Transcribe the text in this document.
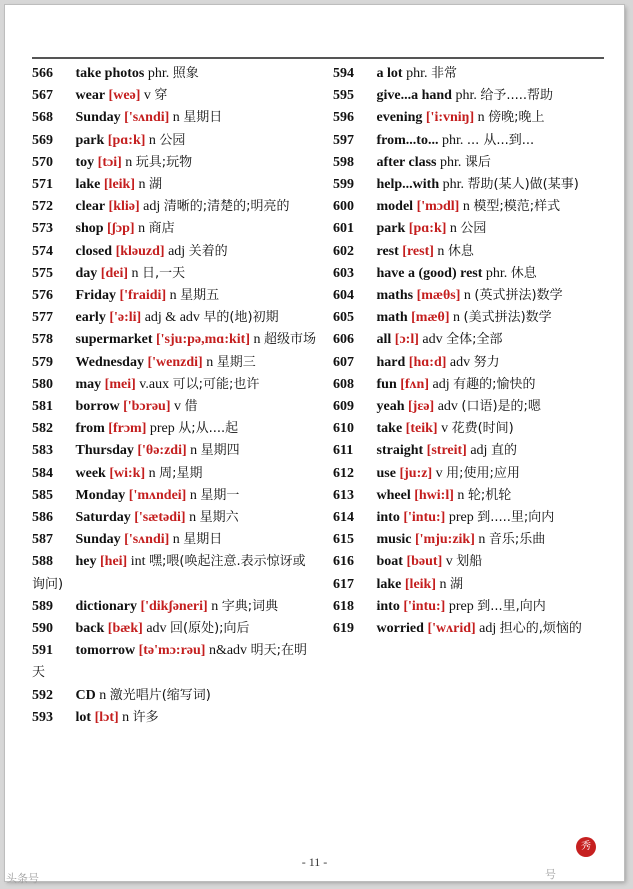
566 take photos phr. 照象
567 wear [weə] v 穿
568 Sunday ['sʌndi] n 星期日
569 park [pɑ:k] n 公园
570 toy [tɔi] n 玩具;玩物
571 lake [leik] n 湖
572 clear [kliə] adj 清晰的;清楚的;明亮的
573 shop [ʃɔp] n 商店
574 closed [kləuzd] adj 关着的
575 day [dei] n 日,一天
576 Friday ['fraidi] n 星期五
577 early ['ə:li] adj & adv 早的(地)初期
578 supermarket ['sju:pə,mɑ:kit] n 超级市场
579 Wednesday ['wenzdi] n 星期三
580 may [mei] v.aux 可以;可能;也许
581 borrow ['bɔrəu] v 借
582 from [frɔm] prep 从;从....起
583 Thursday ['θə:zdi] n 星期四
584 week [wi:k] n 周;星期
585 Monday ['mʌndei] n 星期一
586 Saturday ['sætədi] n 星期六
587 Sunday ['sʌndi] n 星期日
588 hey [hei] int 嘿;喂(唤起注意.表示惊讶或询问)
589 dictionary ['dikʃəneri] n 字典;词典
590 back [bæk] adv 回(原处);向后
591 tomorrow [tə'mɔ:rəu] n&adv 明天;在明天
592 CD n 激光唱片(缩写词)
593 lot [lɔt] n 许多
594 a lot phr. 非常
595 give...a hand phr. 给予.....帮助
596 evening ['i:vniŋ] n 傍晚;晚上
597 from...to... phr. ... 从...到...
598 after class phr. 课后
599 help...with phr. 帮助(某人)做(某事)
600 model ['mɔdl] n 模型;模范;样式
601 park [pɑ:k] n 公园
602 rest [rest] n 休息
603 have a (good) rest phr. 休息
604 maths [mæθs] n (英式拼法)数学
605 math [mæθ] n (美式拼法)数学
606 all [ɔ:l] adv 全体;全部
607 hard [hɑ:d] adv 努力
608 fun [fʌn] adj 有趣的;愉快的
609 yeah [jɛə] adv (口语)是的;嗯
610 take [teik] v 花费(时间)
611 straight [streit] adj 直的
612 use [ju:z] v 用;使用;应用
613 wheel [hwi:l] n 轮;机轮
614 into ['intu:] prep 到.....里;向内
615 music ['mju:zik] n 音乐;乐曲
616 boat [bəut] v 划船
617 lake [leik] n 湖
618 into ['intu:] prep 到...里,向内
619 worried ['wʌrid] adj 担心的,烦恼的
- 11 -
秀
头条号	号
